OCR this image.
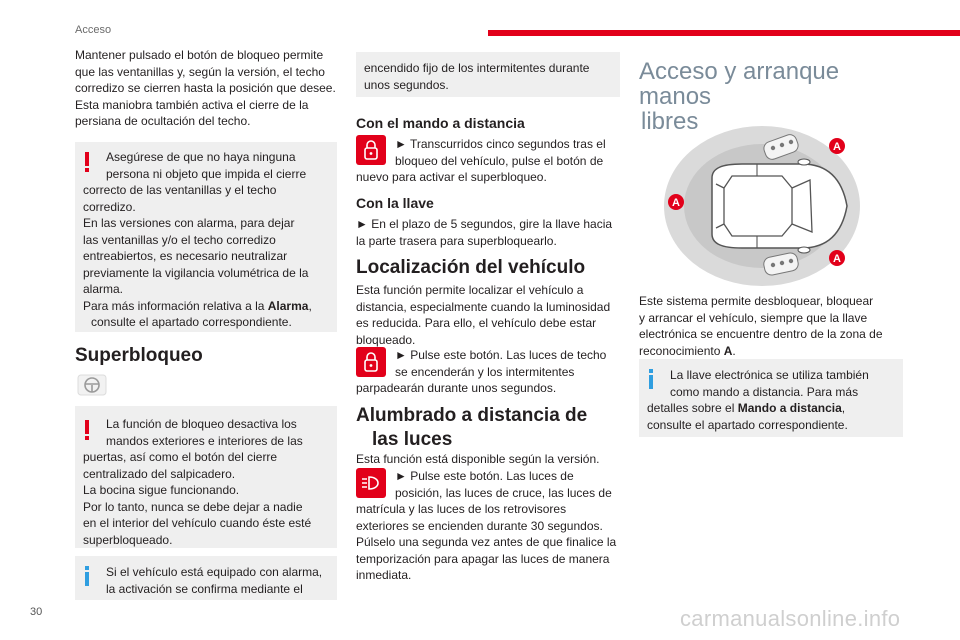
Acceso
30	carmanualsonline.info
Mantener pulsado el botón de bloqueo permite
que las ventanillas y, según la versión, el techo
corredizo se cierren hasta la posición que desee.
Esta maniobra también activa el cierre de la
persiana de ocultación del techo.
Asegúrese de que no haya ninguna
persona ni objeto que impida el cierre
correcto de las ventanillas y el techo
corredizo.
En las versiones con alarma, para dejar
las ventanillas y/o el techo corredizo
entreabiertos, es necesario neutralizar
previamente la vigilancia volumétrica de la
alarma.
Para más información relativa a la Alarma,
consulte el apartado correspondiente.
Superbloqueo
La función de bloqueo desactiva los
mandos exteriores e interiores de las
puertas, así como el botón del cierre
centralizado del salpicadero.
La bocina sigue funcionando.
Por lo tanto, nunca se debe dejar a nadie
en el interior del vehículo cuando éste esté
superbloqueado.
Si el vehículo está equipado con alarma,
la activación se confirma mediante el
encendido fijo de los intermitentes durante
unos segundos.
Con el mando a distancia
► Transcurridos cinco segundos tras el
bloqueo del vehículo, pulse el botón de
nuevo para activar el superbloqueo.
Con la llave
► En el plazo de 5 segundos, gire la llave hacia
la parte trasera para superbloquearlo.
Localización del vehículo
Esta función permite localizar el vehículo a
distancia, especialmente cuando la luminosidad
es reducida. Para ello, el vehículo debe estar
bloqueado.
► Pulse este botón. Las luces de techo
se encenderán y los intermitentes
parpadearán durante unos segundos.
Alumbrado a distancia de
las luces
Esta función está disponible según la versión.
► Pulse este botón. Las luces de
posición, las luces de cruce, las luces de
matrícula y las luces de los retrovisores
exteriores se encienden durante 30 segundos.
Púlselo una segunda vez antes de que finalice la
temporización para apagar las luces de manera
inmediata.
Acceso y arranque manos
libres
A
A
A
Este sistema permite desbloquear, bloquear
y arrancar el vehículo, siempre que la llave
electrónica se encuentre dentro de la zona de
reconocimiento A.
La llave electrónica se utiliza también
como mando a distancia. Para más
detalles sobre el Mando a distancia,
consulte el apartado correspondiente.
